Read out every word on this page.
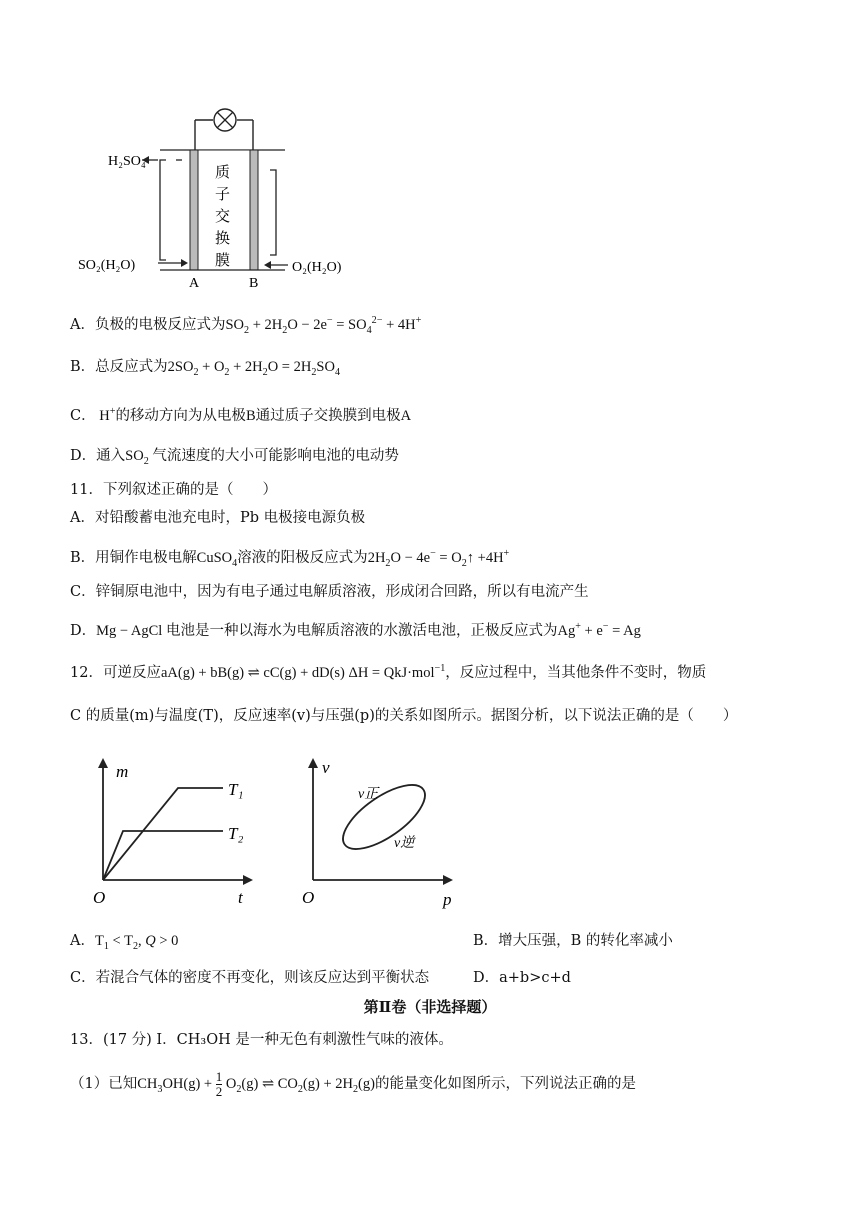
H₂SO₄
SO₂(H₂O)	O₂(H₂O)
A	B
质
子
交
换
膜
A．负极的电极反应式为$SO_2 + 2H_2O - 2e^- = SO_4^{2-} + 4H^+$
B．总反应式为$2SO_2 + O_2 + 2H_2O = 2H_2SO_4$
C． H+的移动方向为从电极B通过质子交换膜到电极A
D．通入$SO_2$ 气流速度的大小可能影响电池的电动势
11．下列叙述正确的是（　　）
A．对铅酸蓄电池充电时，Pb 电极接电源负极
B．用铜作电极电解CuSO$_4$溶液的阳极反应式为$2H_2O - 4e^-$ = $O_2↑ +4H^+$
C．锌铜原电池中，因为有电子通过电解质溶液，形成闭合回路，所以有电流产生
D．Mg − AgCl 电池是一种以海水为电解质溶液的水激活电池，正极反应式为Ag+ + e− = Ag
12．可逆反应aA(g) + bB(g) ⇌ cC(g) + dD(s) ΔH = QkJ·mol$^{-1}$，反应过程中，当其他条件不变时，物质
C 的质量(m)与温度(T)，反应速率(v)与压强(p)的关系如图所示。据图分析，以下说法正确的是（　　）
m
t
O
T₁
T₂
v
p
O
v正
v逆
A．$T_1 < T_2$, Q > 0	B．增大压强，B 的转化率减小
C．若混合气体的密度不再变化，则该反应达到平衡状态	D．a+b>c+d
第Ⅱ卷（非选择题）
13．(17 分) Ⅰ．CH₃OH 是一种无色有刺激性气味的液体。
（1）已知$CH_3OH(g) + \frac{1}{2} O_2(g)$ ⇌ $CO_2(g) + 2H_2(g)$的能量变化如图所示，下列说法正确的是
